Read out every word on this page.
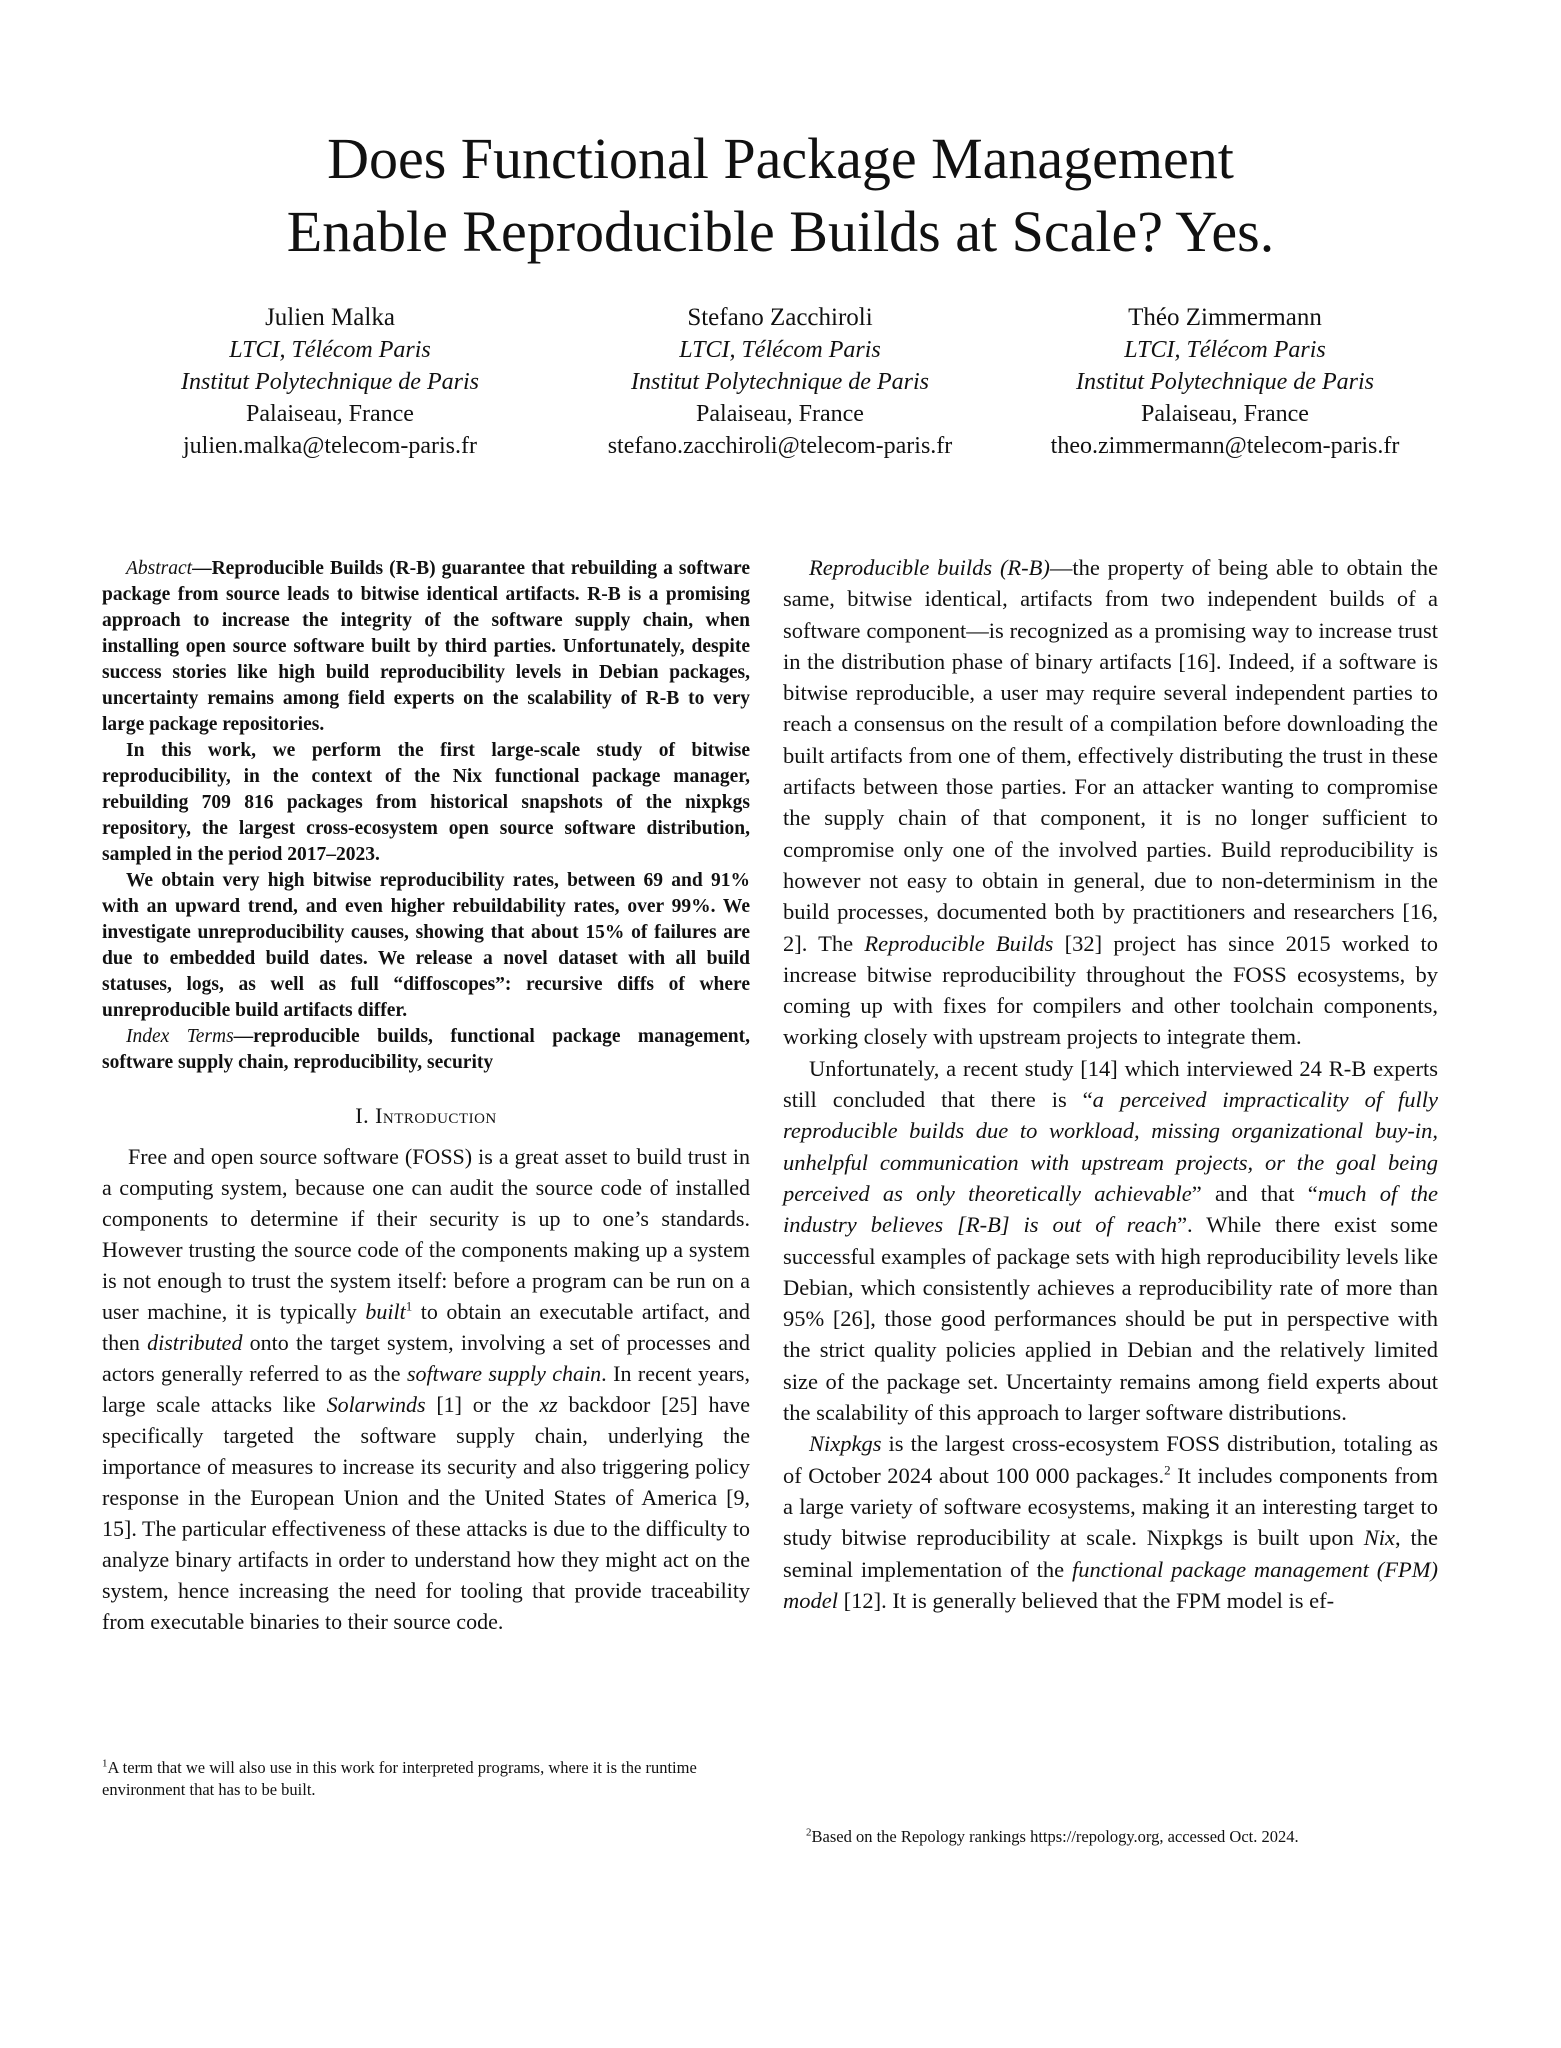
Does Functional Package Management
Enable Reproducible Builds at Scale? Yes.
Julien Malka
LTCI, Télécom Paris
Institut Polytechnique de Paris
Palaiseau, France
julien.malka@telecom-paris.fr
Stefano Zacchiroli
LTCI, Télécom Paris
Institut Polytechnique de Paris
Palaiseau, France
stefano.zacchiroli@telecom-paris.fr
Théo Zimmermann
LTCI, Télécom Paris
Institut Polytechnique de Paris
Palaiseau, France
theo.zimmermann@telecom-paris.fr

Abstract—Reproducible Builds (R-B) guarantee that rebuilding a software package from source leads to bitwise identical artifacts. R-B is a promising approach to increase the integrity of the software supply chain, when installing open source software built by third parties. Unfortunately, despite success stories like high build reproducibility levels in Debian packages, uncertainty remains among field experts on the scalability of R-B to very large package repositories.

In this work, we perform the first large-scale study of bitwise reproducibility, in the context of the Nix functional package manager, rebuilding 709 816 packages from historical snapshots of the nixpkgs repository, the largest cross-ecosystem open source software distribution, sampled in the period 2017–2023.

We obtain very high bitwise reproducibility rates, between 69 and 91% with an upward trend, and even higher rebuildability rates, over 99%. We investigate unreproducibility causes, showing that about 15% of failures are due to embedded build dates. We release a novel dataset with all build statuses, logs, as well as full “diffoscopes”: recursive diffs of where unreproducible build artifacts differ.

Index Terms—reproducible builds, functional package management, software supply chain, reproducibility, security

I. Introduction

Free and open source software (FOSS) is a great asset to build trust in a computing system, because one can audit the source code of installed components to determine if their security is up to one’s standards. However trusting the source code of the components making up a system is not enough to trust the system itself: before a program can be run on a user machine, it is typically built$^1$ to obtain an executable artifact, and then distributed onto the target system, involving a set of processes and actors generally referred to as the software supply chain. In recent years, large scale attacks like Solarwinds [1] or the xz backdoor [25] have specifically targeted the software supply chain, underlying the importance of measures to increase its security and also triggering policy response in the European Union and the United States of America [9, 15]. The particular effectiveness of these attacks is due to the difficulty to analyze binary artifacts in order to understand how they might act on the system, hence increasing the need for tooling that provide traceability from executable binaries to their source code.

Reproducible builds (R-B)—the property of being able to obtain the same, bitwise identical, artifacts from two independent builds of a software component—is recognized as a promising way to increase trust in the distribution phase of binary artifacts [16]. Indeed, if a software is bitwise reproducible, a user may require several independent parties to reach a consensus on the result of a compilation before downloading the built artifacts from one of them, effectively distributing the trust in these artifacts between those parties. For an attacker wanting to compromise the supply chain of that component, it is no longer sufficient to compromise only one of the involved parties. Build reproducibility is however not easy to obtain in general, due to non-determinism in the build processes, documented both by practitioners and researchers [16, 2]. The Reproducible Builds [32] project has since 2015 worked to increase bitwise reproducibility throughout the FOSS ecosystems, by coming up with fixes for compilers and other toolchain components, working closely with upstream projects to integrate them.

Unfortunately, a recent study [14] which interviewed 24 R-B experts still concluded that there is “a perceived impracticality of fully reproducible builds due to workload, missing organizational buy-in, unhelpful communication with upstream projects, or the goal being perceived as only theoretically achievable” and that “much of the industry believes [R-B] is out of reach”. While there exist some successful examples of package sets with high reproducibility levels like Debian, which consistently achieves a reproducibility rate of more than 95% [26], those good performances should be put in perspective with the strict quality policies applied in Debian and the relatively limited size of the package set. Uncertainty remains among field experts about the scalability of this approach to larger software distributions.

Nixpkgs is the largest cross-ecosystem FOSS distribution, totaling as of October 2024 about 100 000 packages.$^2$ It includes components from a large variety of software ecosystems, making it an interesting target to study bitwise reproducibility at scale. Nixpkgs is built upon Nix, the seminal implementation of the functional package management (FPM) model [12]. It is generally believed that the FPM model is ef-

$^1$A term that we will also use in this work for interpreted programs, where it is the runtime environment that has to be built.
$^2$Based on the Repology rankings https://repology.org, accessed Oct. 2024.
